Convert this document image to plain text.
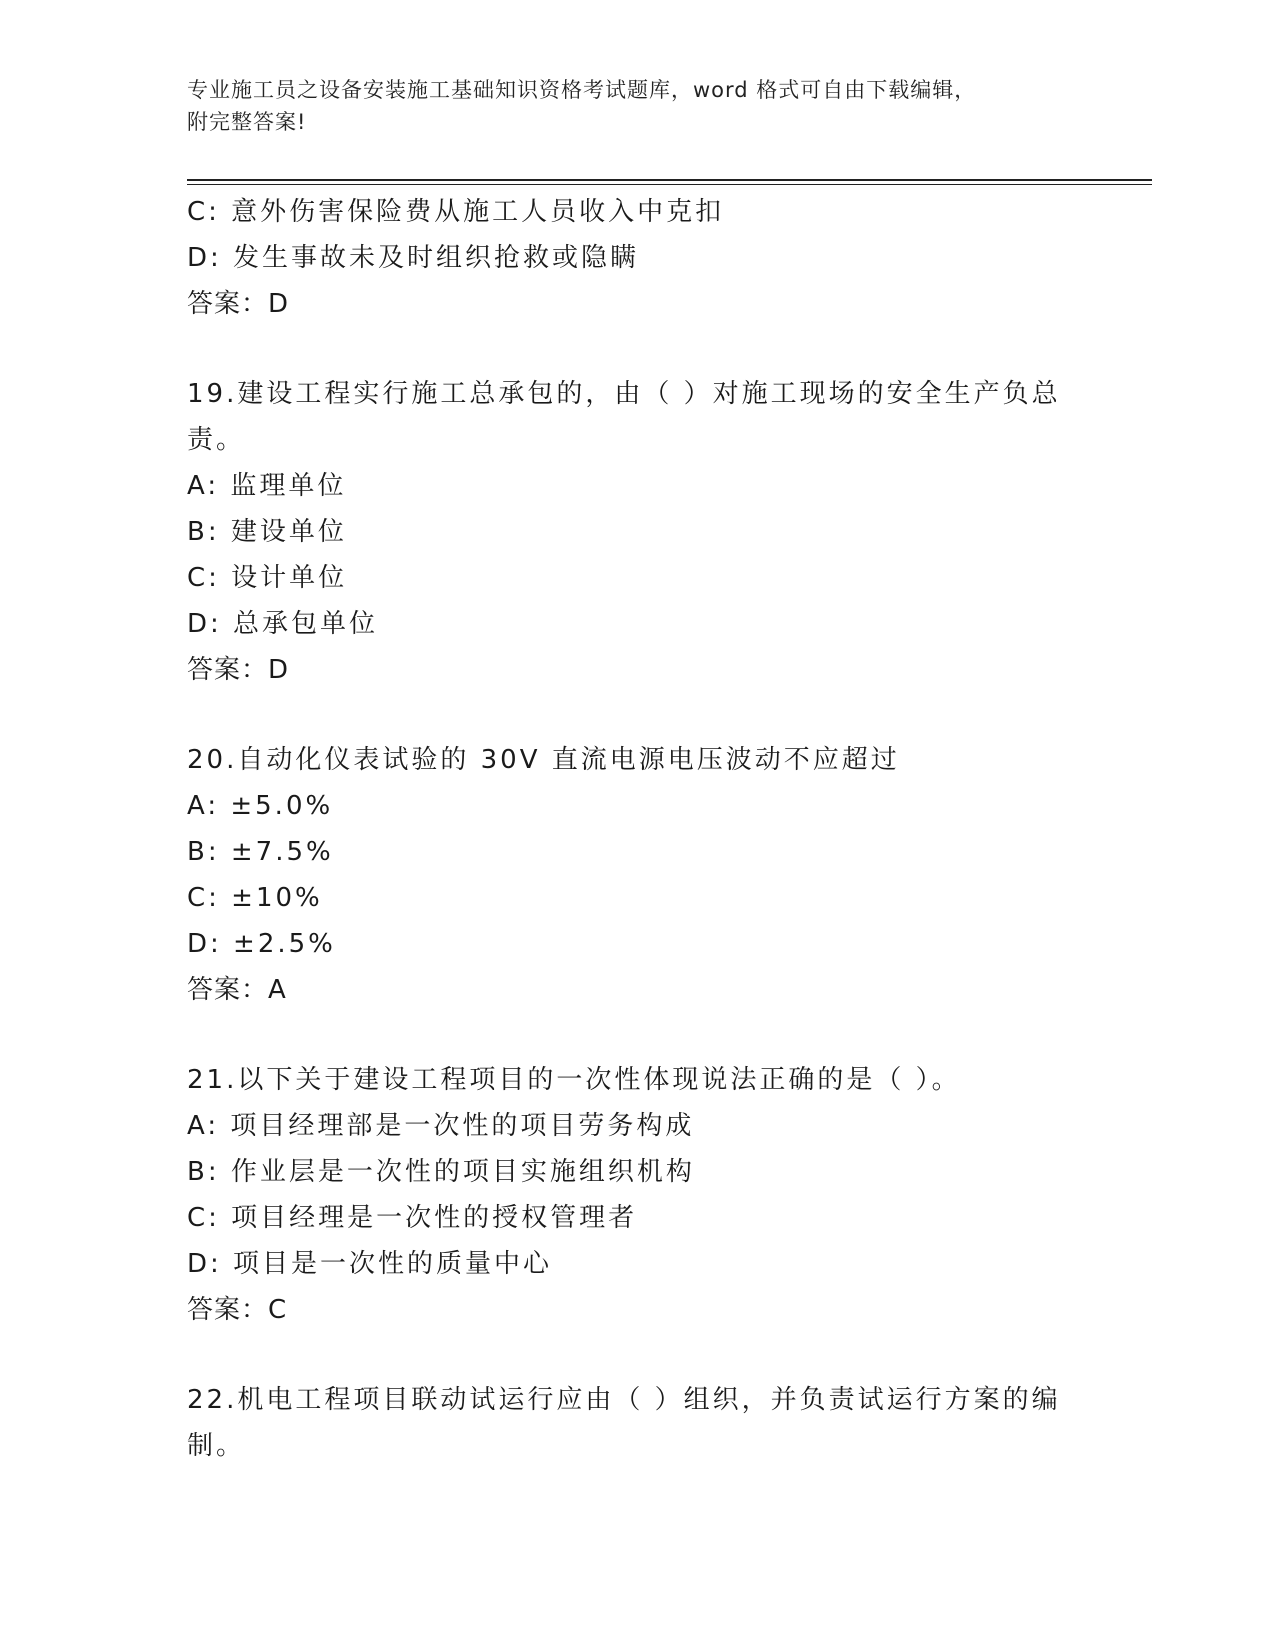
专业施工员之设备安装施工基础知识资格考试题库，word 格式可自由下载编辑，
附完整答案!
C: 意外伤害保险费从施工人员收入中克扣
D: 发生事故未及时组织抢救或隐瞒
答案：D
19.建设工程实行施工总承包的，由（ ）对施工现场的安全生产负总
责。
A: 监理单位
B: 建设单位
C: 设计单位
D: 总承包单位
答案：D
20.自动化仪表试验的 30V 直流电源电压波动不应超过
A: ±5.0%
B: ±7.5%
C: ±10%
D: ±2.5%
答案：A
21.以下关于建设工程项目的一次性体现说法正确的是（ ）。
A: 项目经理部是一次性的项目劳务构成
B: 作业层是一次性的项目实施组织机构
C: 项目经理是一次性的授权管理者
D: 项目是一次性的质量中心
答案：C
22.机电工程项目联动试运行应由（ ）组织，并负责试运行方案的编
制。
